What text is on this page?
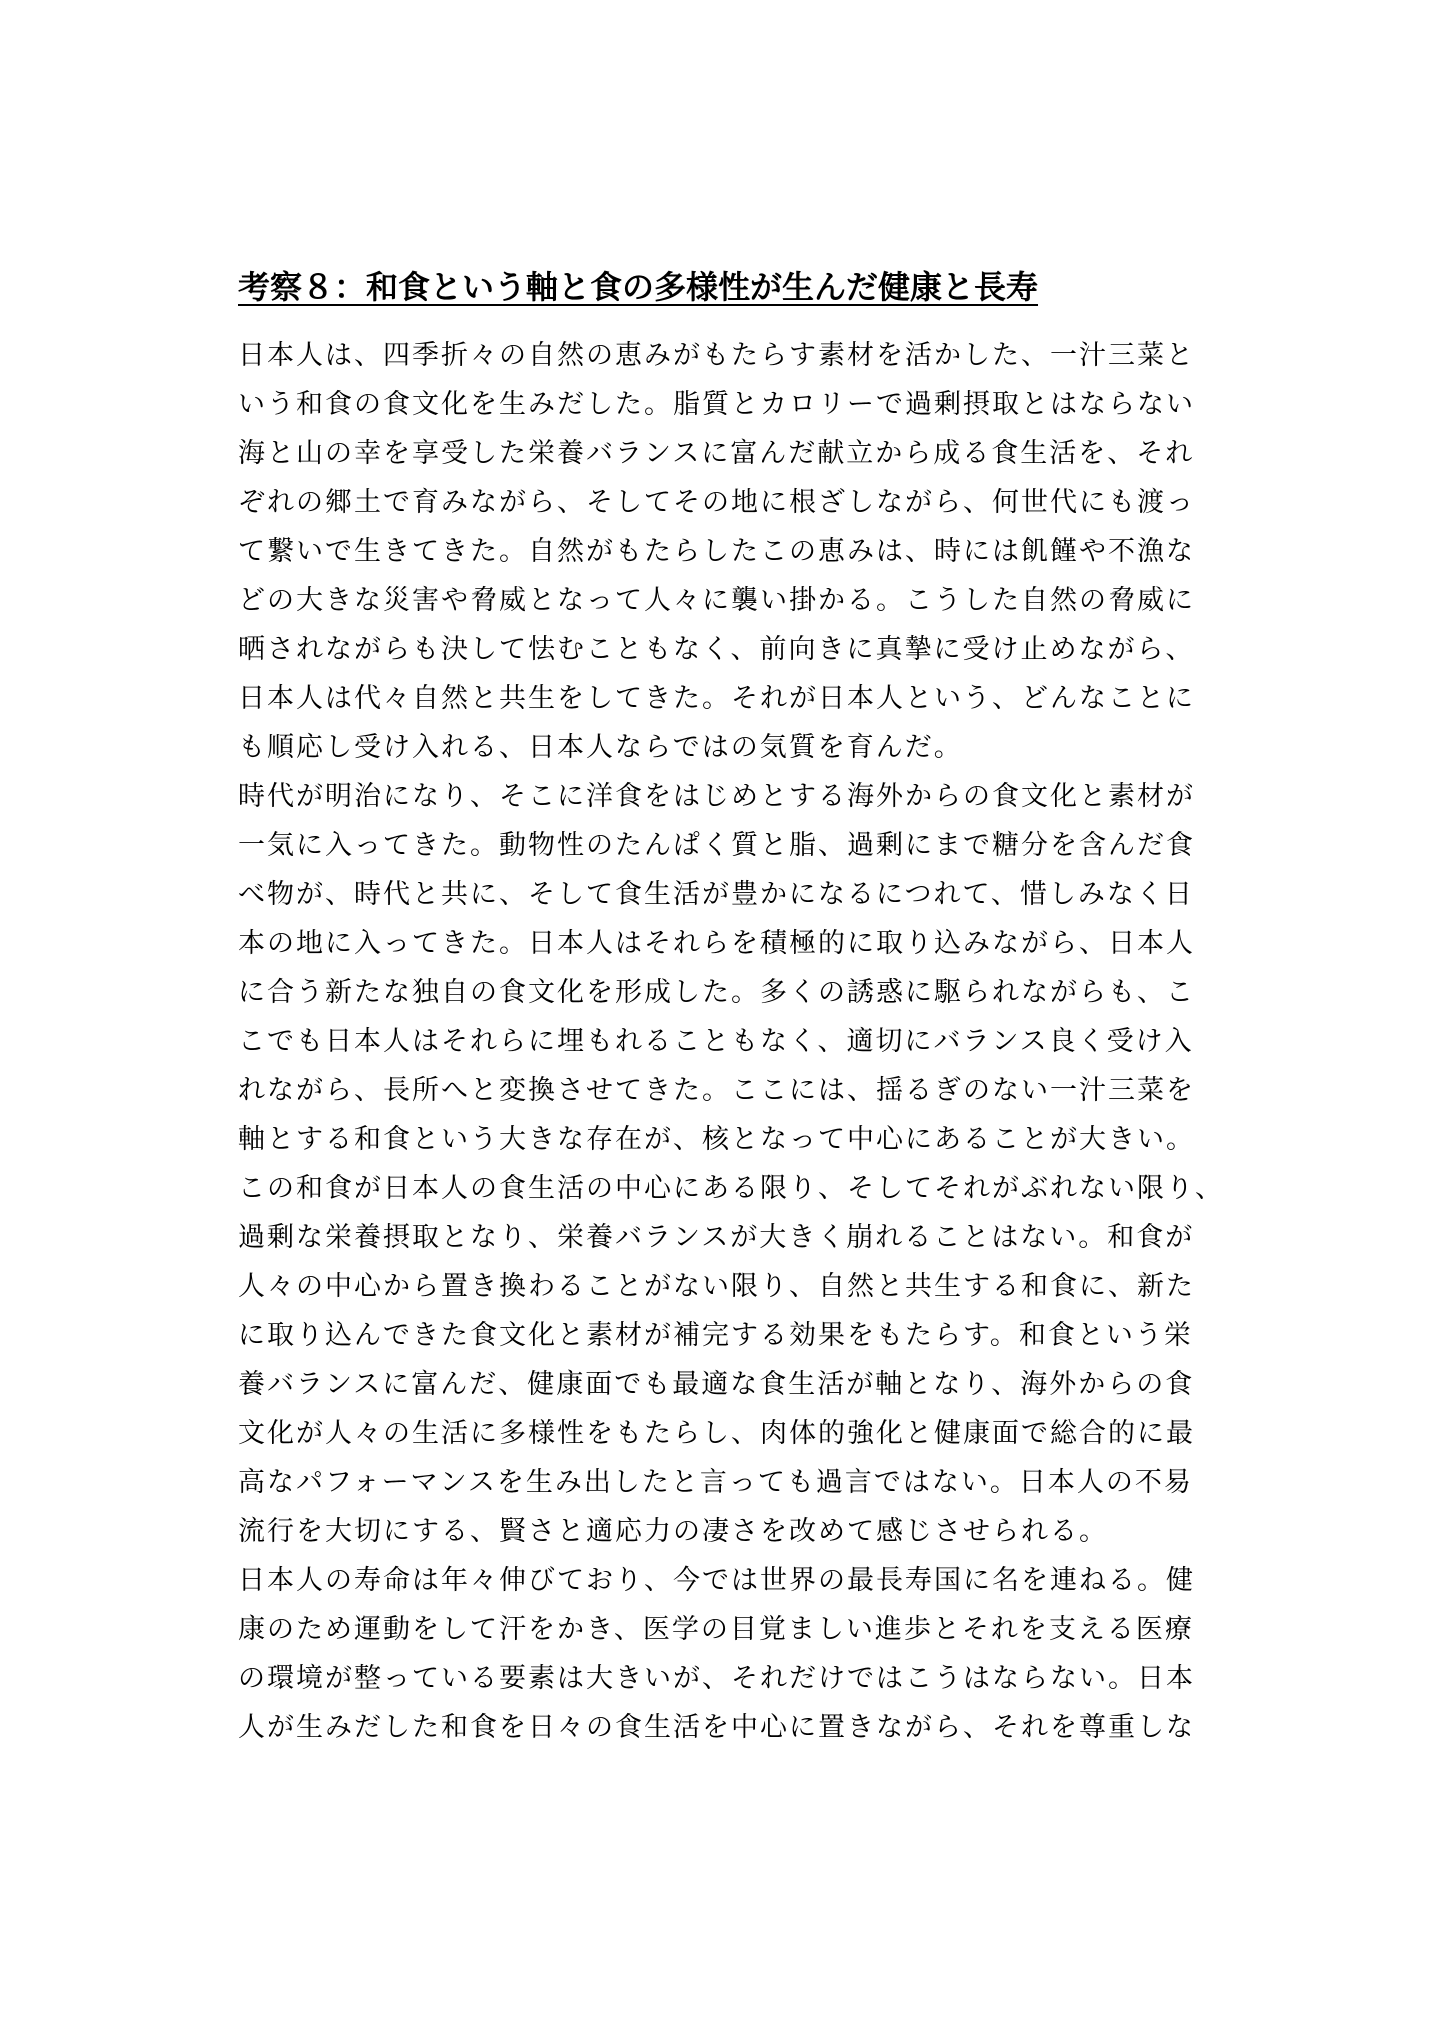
考察８：和食という軸と食の多様性が生んだ健康と長寿
日本人は、四季折々の自然の恵みがもたらす素材を活かした、一汁三菜と
いう和食の食文化を生みだした。脂質とカロリーで過剰摂取とはならない
海と山の幸を享受した栄養バランスに富んだ献立から成る食生活を、それ
ぞれの郷土で育みながら、そしてその地に根ざしながら、何世代にも渡っ
て繋いで生きてきた。自然がもたらしたこの恵みは、時には飢饉や不漁な
どの大きな災害や脅威となって人々に襲い掛かる。こうした自然の脅威に
晒されながらも決して怯むこともなく、前向きに真摯に受け止めながら、
日本人は代々自然と共生をしてきた。それが日本人という、どんなことに
も順応し受け入れる、日本人ならではの気質を育んだ。
時代が明治になり、そこに洋食をはじめとする海外からの食文化と素材が
一気に入ってきた。動物性のたんぱく質と脂、過剰にまで糖分を含んだ食
べ物が、時代と共に、そして食生活が豊かになるにつれて、惜しみなく日
本の地に入ってきた。日本人はそれらを積極的に取り込みながら、日本人
に合う新たな独自の食文化を形成した。多くの誘惑に駆られながらも、こ
こでも日本人はそれらに埋もれることもなく、適切にバランス良く受け入
れながら、長所へと変換させてきた。ここには、揺るぎのない一汁三菜を
軸とする和食という大きな存在が、核となって中心にあることが大きい。
この和食が日本人の食生活の中心にある限り、そしてそれがぶれない限り、
過剰な栄養摂取となり、栄養バランスが大きく崩れることはない。和食が
人々の中心から置き換わることがない限り、自然と共生する和食に、新た
に取り込んできた食文化と素材が補完する効果をもたらす。和食という栄
養バランスに富んだ、健康面でも最適な食生活が軸となり、海外からの食
文化が人々の生活に多様性をもたらし、肉体的強化と健康面で総合的に最
高なパフォーマンスを生み出したと言っても過言ではない。日本人の不易
流行を大切にする、賢さと適応力の凄さを改めて感じさせられる。
日本人の寿命は年々伸びており、今では世界の最長寿国に名を連ねる。健
康のため運動をして汗をかき、医学の目覚ましい進歩とそれを支える医療
の環境が整っている要素は大きいが、それだけではこうはならない。日本
人が生みだした和食を日々の食生活を中心に置きながら、それを尊重しな
